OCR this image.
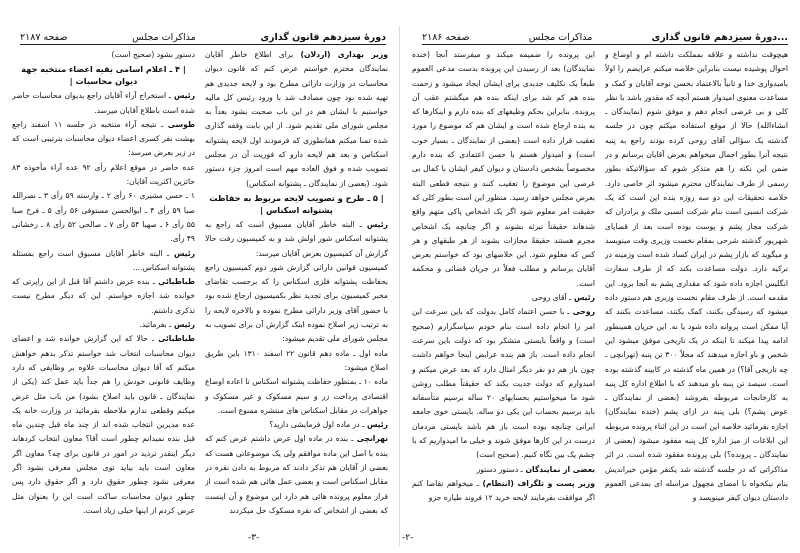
دورهٔ سیزدهم قانون گذاری
مذاکرات مجلس
صفحه ۲۱۸۷

وزیر بهداری (اردلان) برای اطلاع خاطر آقایان نمایندگان محترم خواستم عرض کنم که قانون دیوان محاسبات در وزارت دارائی مطرح بود و لایحه جدیدی هم تهیه شده بود چون مصادف شد با ورود رئیس کل مالیه خواستیم با ایشان هم در این باب صحبت بشود بعداً به مجلس شورای ملی تقدیم شود. از این بابت وقفه گذاری شده تمنا میکنم همانطوری که فرمودند اول لایحه پشتوانه اسکناس و بعد هم لایحه دارو که فوریت آن در مجلس تصویب شده و فوق العاده مهم است امروز جزء دستور شود. (بعضی از نمایندگان ـ پشتوانه اسکناس)

| ۵ ـ طرح و تصویب لایحه مربوط به حفاظت پشتوانه اسکناس |

رئیس ـ البته خاطر آقایان مسبوق است که راجع به پشتوانه اسکناس شور اولش شد و به کمیسیون رفت حالا گزارش آن کمیسیون بعرض آقایان میرسد:

کمیسیون قوانین دارائی گزارش شور دوم کمیسیون راجع بحفاظت پشتوانه فلزی اسکناس را که برحسب تقاضای مخبر کمیسیون برای تجدید نظر بکمیسیون ارجاع شده بود با حضور آقای وزیر دارائی مطرح نموده و بالاخره لایحه را به ترتیب زیر اصلاح نموده اینک گزارش آن برای تصویب به مجلس شورای ملی تقدیم میشود:

ماده اول ـ ماده دهم قانون ۲۲ اسفند ۱۳۱۰ باین طریق اصلاح میشود:

ماده ۱۰ ـ بمنظور حفاظت پشتوانه اسکناس تا اعاده اوضاع اقتصادی پرداخت زر و سیم مسکوک و غیر مسکوک و جواهرات در مقابل اسکناس های منتشره ممنوع است.

رئیس ـ در ماده اول فرمایشی دارید؟

تهرانچی ـ بنده در ماده اول عرض داشتم عرض کنم که بنده با اصل این ماده موافقم ولی یک موضوعاتی هست که بعضی از آقایان هم تذکر دادند که مربوط به دادن نقره در مقابل اسکناس است و بعضی عمل هائی هم شده است از قرار معلوم پرونده هائی هم دارد این موضوع و آن اینست که بعضی از اشخاص که نقره مسکوک حل میکردند

دستور بشود (صحیح است)

| ۴ ـ اعلام اسامی بقیه اعضاء منتخبه جهة دیوان محاسبات |

رئیس ـ استخراج آراء آقایان راجع بدیوان محاسبات حاضر شده است باطلاع آقایان میرسد.

طوسی ـ نتیجه آراء منتخبه در جلسه ۱۱ اسفند راجع بهشت نفر کسری اعضاء دیوان محاسبات بترتیبی است که در زیر بعرض میرسد:

عده حاضر در موقع اعلام رأی ۹۲ عده آراء مأخوذه ۸۳ حائزین اکثریت آقایان:

۱ ـ حسن مشیری ۶۰ رأی ۲ ـ وارسته ۵۹ رأی ۳ ـ نصرالله صبا ۵۹ رأی ۴ ـ ابوالحسن مستوفی ۵۶ رأی ۵ ـ فرخ صبا ۵۵ رأی ۶ ـ صهبا ۵۴ رأی ۷ ـ صالحی ۵۲ رأی ۸ ـ رخشانی ۴۹ رأی.

رئیس ـ البته خاطر آقایان مسبوق است راجع بمسئله پشتوانه اسکناس....

طباطبائی ـ بنده عرض داشتم آقا قبل از این راپرتی که خوانده شد اجازه خواستم. این که دیگر مطرح نیست تذکری داشتم.

رئیس ـ بفرمائید.

طباطبائی ـ حالا که این گزارش خوانده شد و اعضای دیوان محاسبات انتخاب شد خواستم تذکر بدهم خواهش میکنم که آقا دیوان محاسبات علاوه بر وظایفی که دارد وظایف قانونی خودش را هم جداً باید عمل کند (یکی از نمایندگان ـ قانون باید اصلاح بشود) من باب مثل عرض میکنم وقطعی ندارم ملاحظه بفرمائید در وزارت خانه یک عده مدیرین انتخاب شده اند از چند ماه قبل چندین ماه قبل بنده نمیدانم چطور است آقا؟ معاون انتخاب کردهاند دیگر اینقدر تردید در امور در قانون برای چه؟ معاون اگر معاون است باید بیاید توی مجلس معرفی بشود اگر معرفی نشود چطور حقوق دارد و اگر حقوق دارد پس چطور دیوان محاسبات ساکت است این را بعنوان مثل عرض کردم از اینها خیلی زیاد است.

-۳-
...دورهٔ سیزدهم قانون گذاری
مذاکرات مجلس
صفحه ۲۱۸۶

هیچوقت نداشته و علاقه بمملکت داشته ام و اوضاع و احوال پوشیده نیست بنابراین خلاصه میکنم عرایضم را اولاً بامیدواری خدا و ثانیاً بالاعتماد بحسن توجه آقایان و کمک و مساعدت معنوی امیدوار هستم آنچه که مقدور باشد با نظر کلی و بی غرضی انجام دهم و موفق شوم (نمایندگان ـ انشاءالله) حالا از موقع استفاده میکنم چون در جلسه گذشته یک سؤالی آقای روحی کرده بودند راجع به پنبه نتیجه آنرا بطور اجمال میخواهم بعرض آقایان برسانم و در ضمن این نکته را هم متذکر شوم که سؤالاتیکه بطور رسمی از طرف نمایندگان محترم میشود اثر خاصی دارد. خلاصه تحقیقات این دو سه روزه بنده این است که یک شرکت انسبی است بنام شرکت انسبی ملک و برادران که شرکت مجاز پشم و پوست بوده است بعد از قضایای شهریور گذشته شرحی بمقام نخست وزیری وقت مینویسد و میگوید که بازار پشم در ایران کساد شده است وزمینه در ترکیه دارد. دولت مساعدت بکند که از طرف سفارت انگلیس اجازه داده شود که مقداری پشم به آنجا برود. این مقدمه است. از طرف مقام نخست وزیری هم دستور داده میشود که رسیدگی بکنند، کمک بکنند، مساعدت بکنند که آیا ممکن است پروانه داده شود یا نه. این جریان همینطور ادامه پیدا میکند تا اینکه در یک تاریخی موفق میشود این شخص و باو اجازه میدهند که مجلاً ۳۰۰ تن پنبه (تهرانچی ـ چه تاریخی آقا؟) در همین ماه گذشته در کابینه گذشته بوده است. سیصد تن پنبه باو میدهند که با اطلاع اداره کل پنبه به کارخانجات مربوطه بفروشد (بعضی از نمایندگان ـ عوض پشم؟) بلی پنبه در ازای پشم (خنده نمایندگان) اجازه بفرمائید خلاصه این است در این اثناء پرونده مربوطه این ابلاغات از میز اداره کل پنبه مفقود میشود (بعضی از نمایندگان ـ پرونده؟) بلی پرونده مفقود شده است. در اثر مذاکراتی که در جلسه گذشته شد یکنفر مؤمن خیراندیش بنام نیکخواه با امضای مجهول مراسله ای بمدعی العموم دادستان دیوان کیفر مینویسد و

این پرونده را ضمیمه میکند و میفرستد آنجا (خنده نمایندگان) بعد از رسیدن این پرونده بدست مدعی العموم طبعاً یک تکلیف جدیدی برای ایشان ایجاد میشود و زحمت بنده هم کم شد برای اینکه بنده هم میگشتم عقب آن پرونده. بنابراین بحکم وظیفهای که بنده دارم و اینکارها که به بنده ارجاع شده است و ایشان هم که موضوع را مورد تعقیب قرار داده است (بعضی از نمایندگان ـ بسیار خوب است) و امیدوار هستم با حسن اعتمادی که بنده دارم مخصوصاً بشخص دادستان و دیوان کیفر ایشان با کمال بی غرضی این موضوع را تعقیب کنند و نتیجه قطعی البته بعرض مجلس خواهد رسید. منظور این است بطور کلی که حقیقت امر معلوم شود اگر یک اشخاص پاکی متهم واقع شدهاند حقیقتاً تبرئه بشوند و اگر چنانچه یک اشخاص مجرم هستند حقیقةً مجازات بشوند از هر طبقهای و هر کس که معلوم شود. این خلاصهای بود که خواستم بعرض آقایان برسانم و مطلب فعلاً در جریان قضائی و محکمه است.

رئیس ـ آقای روحی

روحی ـ با حسن اعتماد کامل بدولت که باین سرعت این امر را انجام داده است بنام خودم سپاسگزارم (صحیح است) و واقعاً بایستی متشکر بود که دولت باین سرعت انجام داده است. باز هم بنده عرایض اینجا خواهم داشت چون باز هم دو نفر دیگر امثال دارد که بعد عرض میکنم و امیدوارم که دولت جدیت بکند که حقیقتاً مطلب روشن شود ما میخواستیم بحسابهای ۲۰ ساله برسیم متأسفانه باید برسیم بحساب این یکی دو ساله. بایستی خوی جامعه ایرانی چنانچه بوده است باز هم باشد بایستی مردمان درست در این کارها موفق شوند و خیلی ما امیدواریم که با چشم یک بین نگاه کنیم. (صحیح است)

بعضی از نمایندگان ـ دستور دستور

وزیر پست و تلگراف (انتظام) ـ میخواهم تقاضا کنم اگر موافقت بفرمایند لایحه خرید ۱۲ فروند طیاره جزو

-۲-
